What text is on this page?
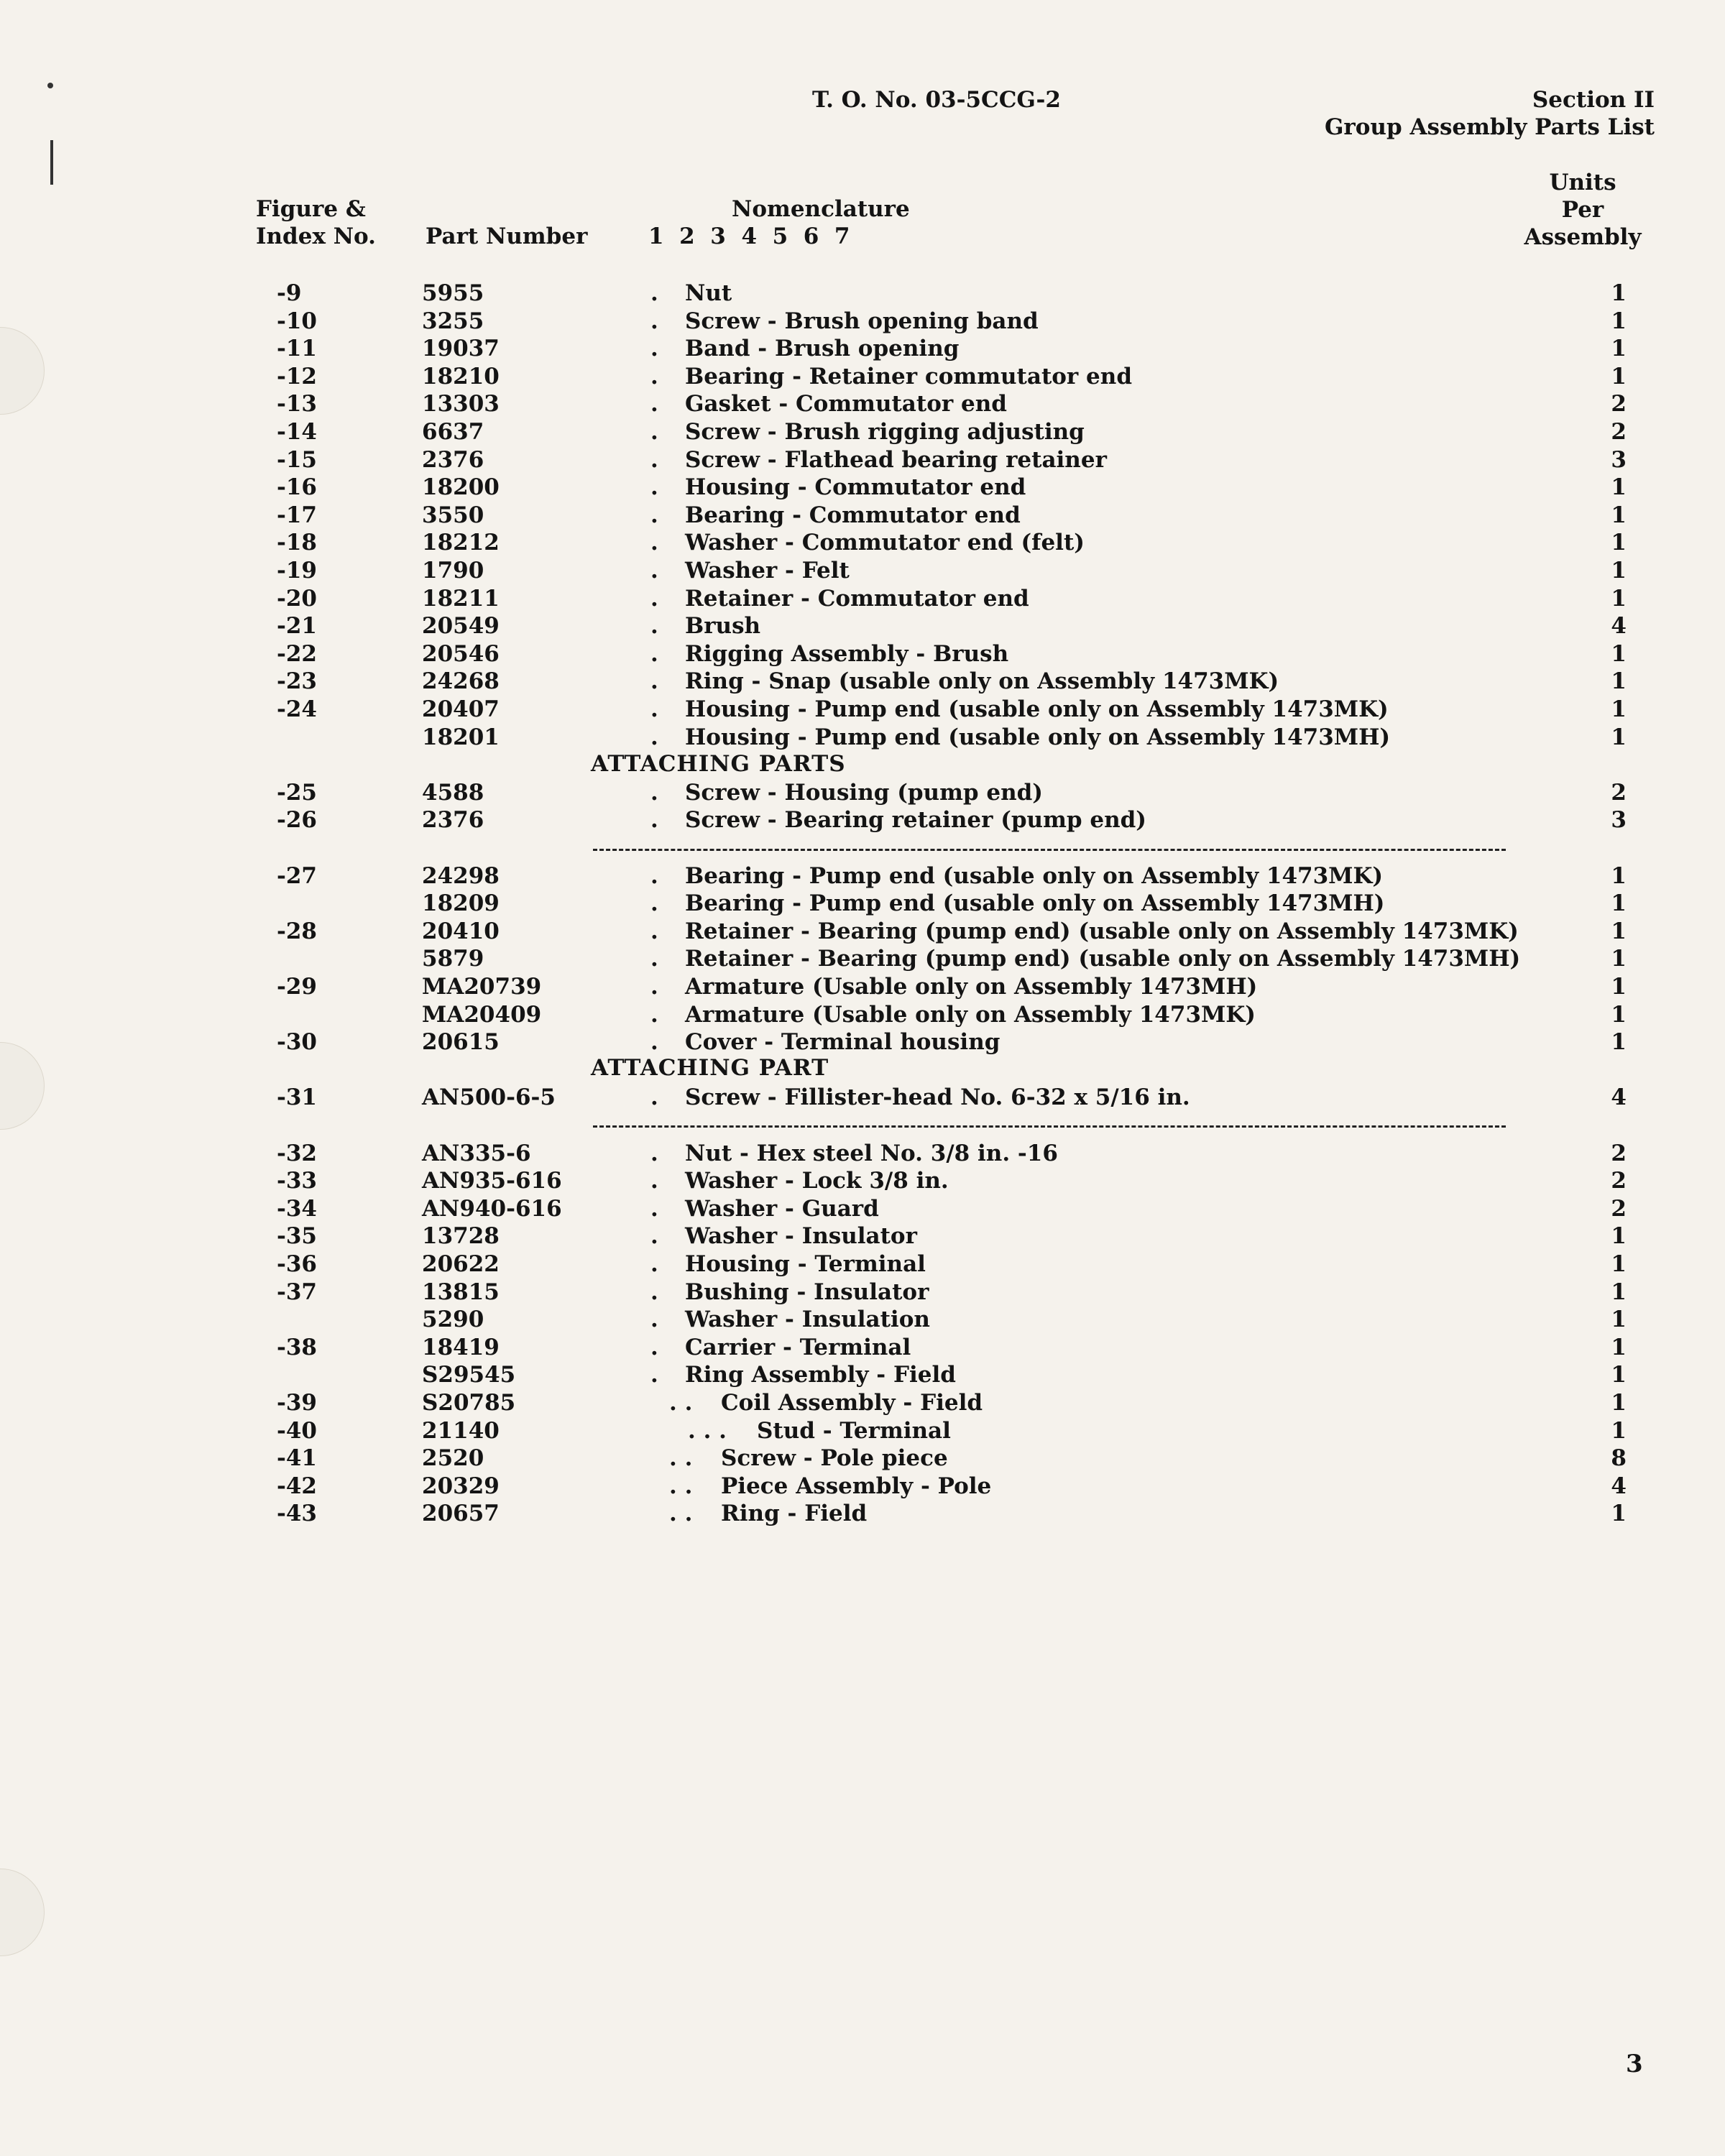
T. O. No. 03-5CCG-2	Section II
Group Assembly Parts List
Figure &
Index No. Part Number
Nomenclature
1  2  3  4  5  6  7
Units
Per
Assembly
-9	5955	.	Nut	1
-10	3255	.	Screw - Brush opening band	1
-11	19037	.	Band - Brush opening	1
-12	18210	.	Bearing - Retainer commutator end	1
-13	13303	.	Gasket - Commutator end	2
-14	6637	.	Screw - Brush rigging adjusting	2
-15	2376	.	Screw - Flathead bearing retainer	3
-16	18200	.	Housing - Commutator end	1
-17	3550	.	Bearing - Commutator end	1
-18	18212	.	Washer - Commutator end (felt)	1
-19	1790	.	Washer - Felt	1
-20	18211	.	Retainer - Commutator end	1
-21	20549	.	Brush	4
-22	20546	.	Rigging Assembly - Brush	1
-23	24268	.	Ring - Snap (usable only on Assembly 1473MK)	1
-24	20407	.	Housing - Pump end (usable only on Assembly 1473MK)	1
18201	.	Housing - Pump end (usable only on Assembly 1473MH)	1
-25	4588	.	Screw - Housing (pump end)	2
-26	2376	.	Screw - Bearing retainer (pump end)	3
-27	24298	.	Bearing - Pump end (usable only on Assembly 1473MK)	1
18209	.	Bearing - Pump end (usable only on Assembly 1473MH)	1
-28	20410	.	Retainer - Bearing (pump end) (usable only on Assembly 1473MK)	1
5879	.	Retainer - Bearing (pump end) (usable only on Assembly 1473MH)	1
-29	MA20739	.	Armature (Usable only on Assembly 1473MH)	1
MA20409	.	Armature (Usable only on Assembly 1473MK)	1
-30	20615	.	Cover - Terminal housing	1
-31	AN500-6-5	.	Screw - Fillister-head No. 6-32 x 5/16 in.	4
-32	AN335-6	.	Nut - Hex steel No. 3/8 in. -16	2
-33	AN935-616	.	Washer - Lock 3/8 in.	2
-34	AN940-616	.	Washer - Guard	2
-35	13728	.	Washer - Insulator	1
-36	20622	.	Housing - Terminal	1
-37	13815	.	Bushing - Insulator	1
5290	.	Washer - Insulation	1
-38	18419	.	Carrier - Terminal	1
S29545	.	Ring Assembly - Field	1
-39	S20785	. .	Coil Assembly - Field	1
-40	21140	. . . Stud - Terminal	1
-41	2520	. .	Screw - Pole piece	8
-42	20329	. .	Piece Assembly - Pole	4
-43	20657	. .	Ring - Field	1
ATTACHING PARTS
ATTACHING PART
3
